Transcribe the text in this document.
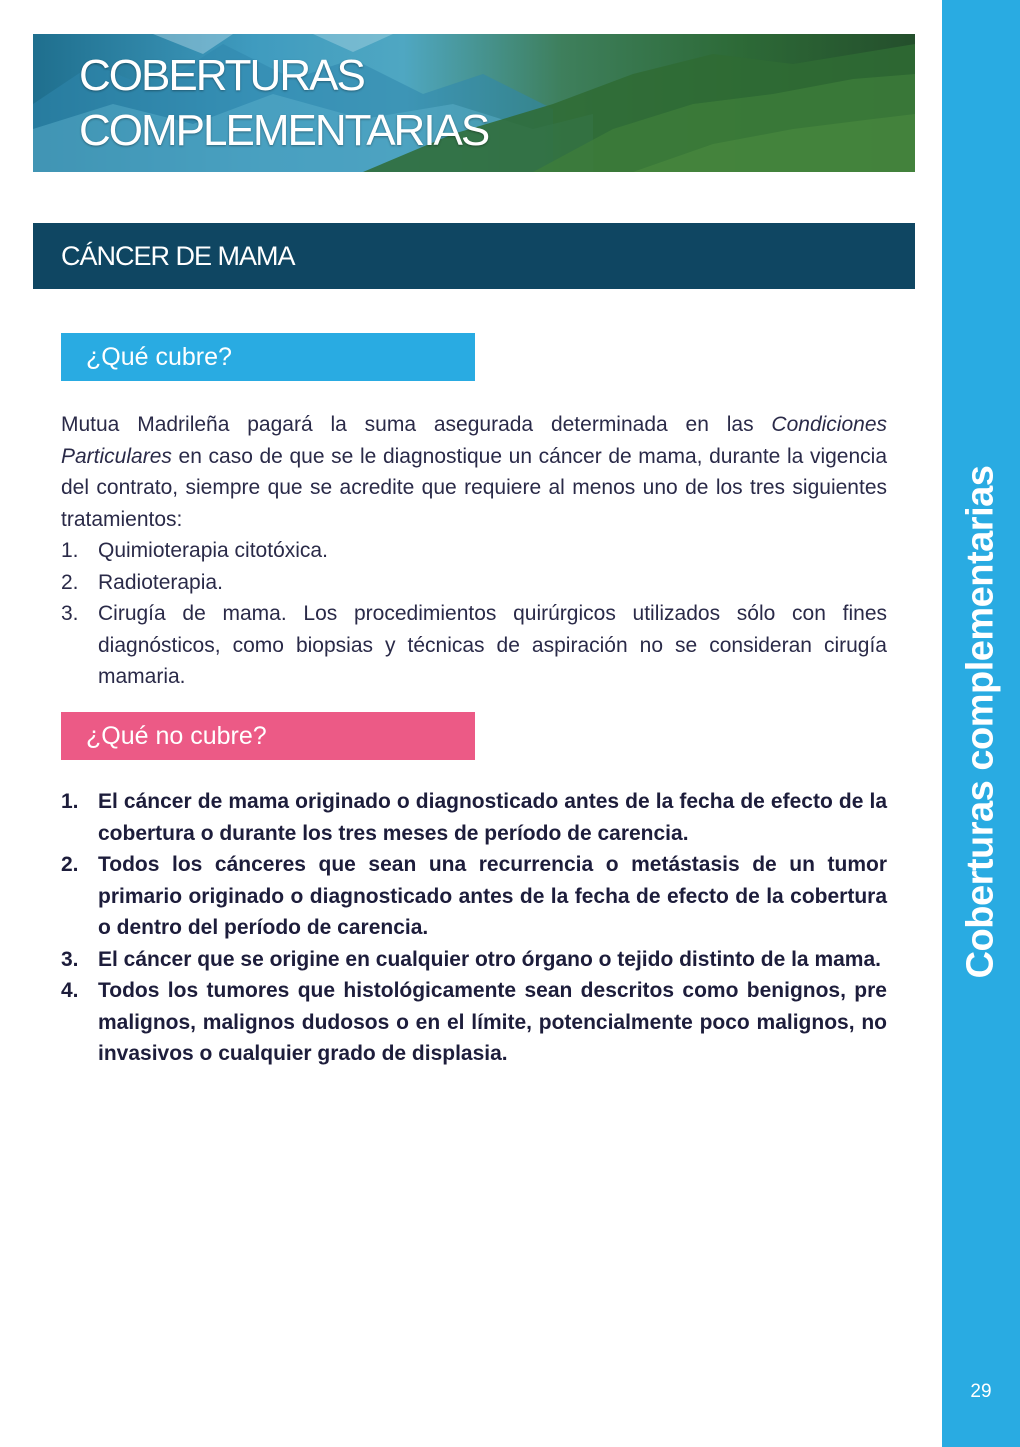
COBERTURAS
COMPLEMENTARIAS
CÁNCER DE MAMA
¿Qué cubre?

Mutua Madrileña pagará la suma asegurada determinada en las Condiciones Particulares en caso de que se le diagnostique un cáncer de mama, durante la vigencia del contrato, siempre que se acredite que requiere al menos uno de los tres siguientes tratamientos:

1. Quimioterapia citotóxica.
2. Radioterapia.
3. Cirugía de mama. Los procedimientos quirúrgicos utilizados sólo con fines diagnósticos, como biopsias y técnicas de aspiración no se consideran cirugía mamaria.
¿Qué no cubre?
1. El cáncer de mama originado o diagnosticado antes de la fecha de efecto de la cobertura o durante los tres meses de período de carencia.
2. Todos los cánceres que sean una recurrencia o metástasis de un tumor primario originado o diagnosticado antes de la fecha de efecto de la cobertura o dentro del período de carencia.
3. El cáncer que se origine en cualquier otro órgano o tejido distinto de la mama.
4. Todos los tumores que histológicamente sean descritos como benignos, pre malignos, malignos dudosos o en el límite, potencialmente poco malignos, no invasivos o cualquier grado de displasia.
Coberturas complementarias
29
